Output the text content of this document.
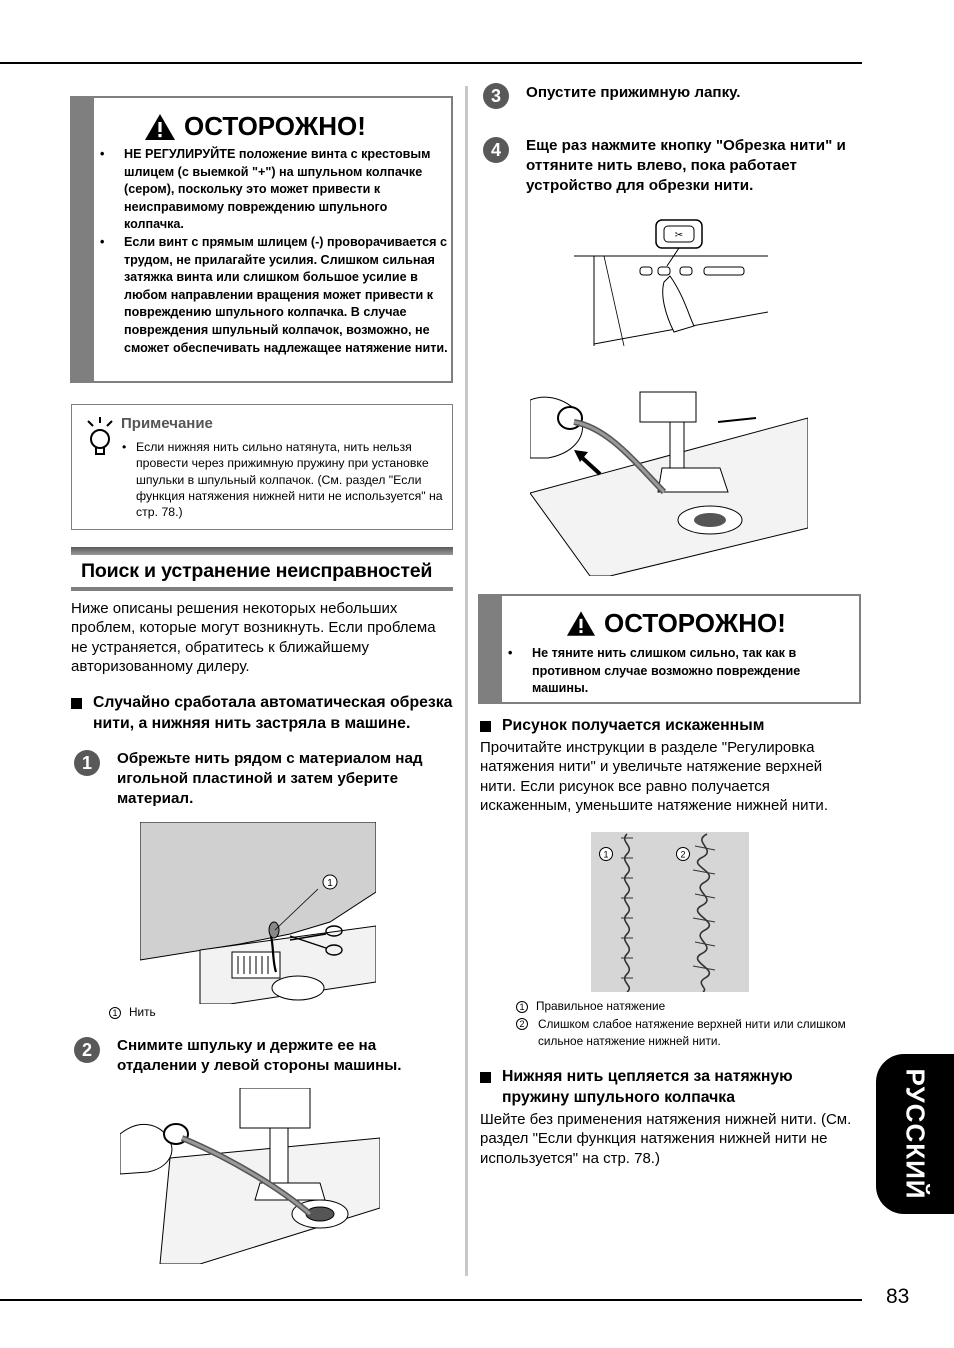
ОСТОРОЖНО!
• НЕ РЕГУЛИРУЙТЕ положение винта с крестовым шлицем (с выемкой "+") на шпульном колпачке (сером), поскольку это может привести к неисправимому повреждению шпульного колпачка.
• Если винт с прямым шлицем (-) проворачивается с трудом, не прилагайте усилия. Слишком сильная затяжка винта или слишком большое усилие в любом направлении вращения может привести к повреждению шпульного колпачка. В случае повреждения шпульный колпачок, возможно, не сможет обеспечивать надлежащее натяжение нити.
Примечание
• Если нижняя нить сильно натянута, нить нельзя провести через прижимную пружину при установке шпульки в шпульный колпачок. (См. раздел "Если функция натяжения нижней нити не используется" на стр. 78.)
Поиск и устранение неисправностей
Ниже описаны решения некоторых небольших проблем, которые могут возникнуть. Если проблема не устраняется, обратитесь к ближайшему авторизованному дилеру.
Случайно сработала автоматическая обрезка нити, а нижняя нить застряла в машине.
1	Обрежьте нить рядом с материалом над игольной пластиной и затем уберите материал.
1
1 Нить
2	Снимите шпульку и держите ее на отдалении у левой стороны машины.
3	Опустите прижимную лапку.
4	Еще раз нажмите кнопку "Обрезка нити" и оттяните нить влево, пока работает устройство для обрезки нити.
✂
ОСТОРОЖНО!
• Не тяните нить слишком сильно, так как в противном случае возможно повреждение машины.
Рисунок получается искаженным
Прочитайте инструкции в разделе "Регулировка натяжения нити" и увеличьте натяжение верхней нити. Если рисунок все равно получается искаженным, уменьшите натяжение нижней нити.
1	2
1 Правильное натяжение
2 Слишком слабое натяжение верхней нити или слишком сильное натяжение нижней нити.
Нижняя нить цепляется за натяжную пружину шпульного колпачка
Шейте без применения натяжения нижней нити. (См. раздел "Если функция натяжения нижней нити не используется" на стр. 78.)	РУССКИЙ
83
